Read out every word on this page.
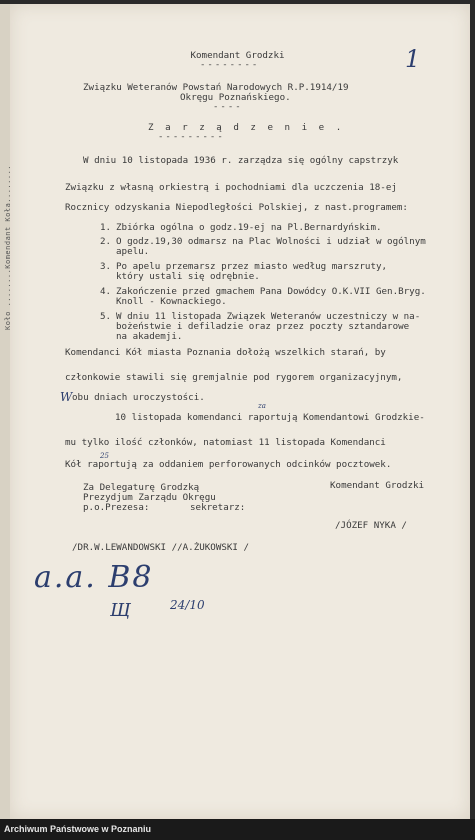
Koło ........Komendant Koła........
1
Komendant Grodzki
--------
Związku Weteranów Powstań Narodowych R.P.1914/19
Okręgu Poznańskiego.
----
Z a r z ą d z e n i e .
---------
W dniu 10 listopada 1936 r. zarządza się ogólny capstrzyk
Związku z własną orkiestrą i pochodniami dla uczczenia 18-ej
Rocznicy odzyskania Niepodległości Polskiej, z nast.programem:
1. Zbiórka ogólna o godz.19-ej na Pl.Bernardyńskim.
2. O godz.19,30 odmarsz na Plac Wolności i udział w ogólnym
apelu.
3. Po apelu przemarsz przez miasto według marszruty,
który ustali się odrębnie.
4. Zakończenie przed gmachem Pana Dowódcy O.K.VII Gen.Bryg.
Knoll - Kownackiego.
5. W dniu 11 listopada Związek Weteranów uczestniczy w na-
bożeństwie i defiladzie oraz przez poczty sztandarowe
na akademji.
Komendanci Kół miasta Poznania dołożą wszelkich starań, by
członkowie stawili się gremjalnie pod rygorem organizacyjnym,
W obu dniach uroczystości.
za
10 listopada komendanci raportują Komendantowi Grodzkie-
mu tylko ilość członków, natomiast 11 listopada Komendanci
25
Kół raportują za oddaniem perforowanych odcinków pocztowek.
Za Delegaturę Grodzką	Komendant Grodzki
Prezydjum Zarządu Okręgu
p.o.Prezesa:	sekretarz:
/JÓZEF NYKA /
/DR.W.LEWANDOWSKI //A.ŻUKOWSKI /
a.a. B8
Щ	24/10
Archiwum Państwowe w Poznaniu
